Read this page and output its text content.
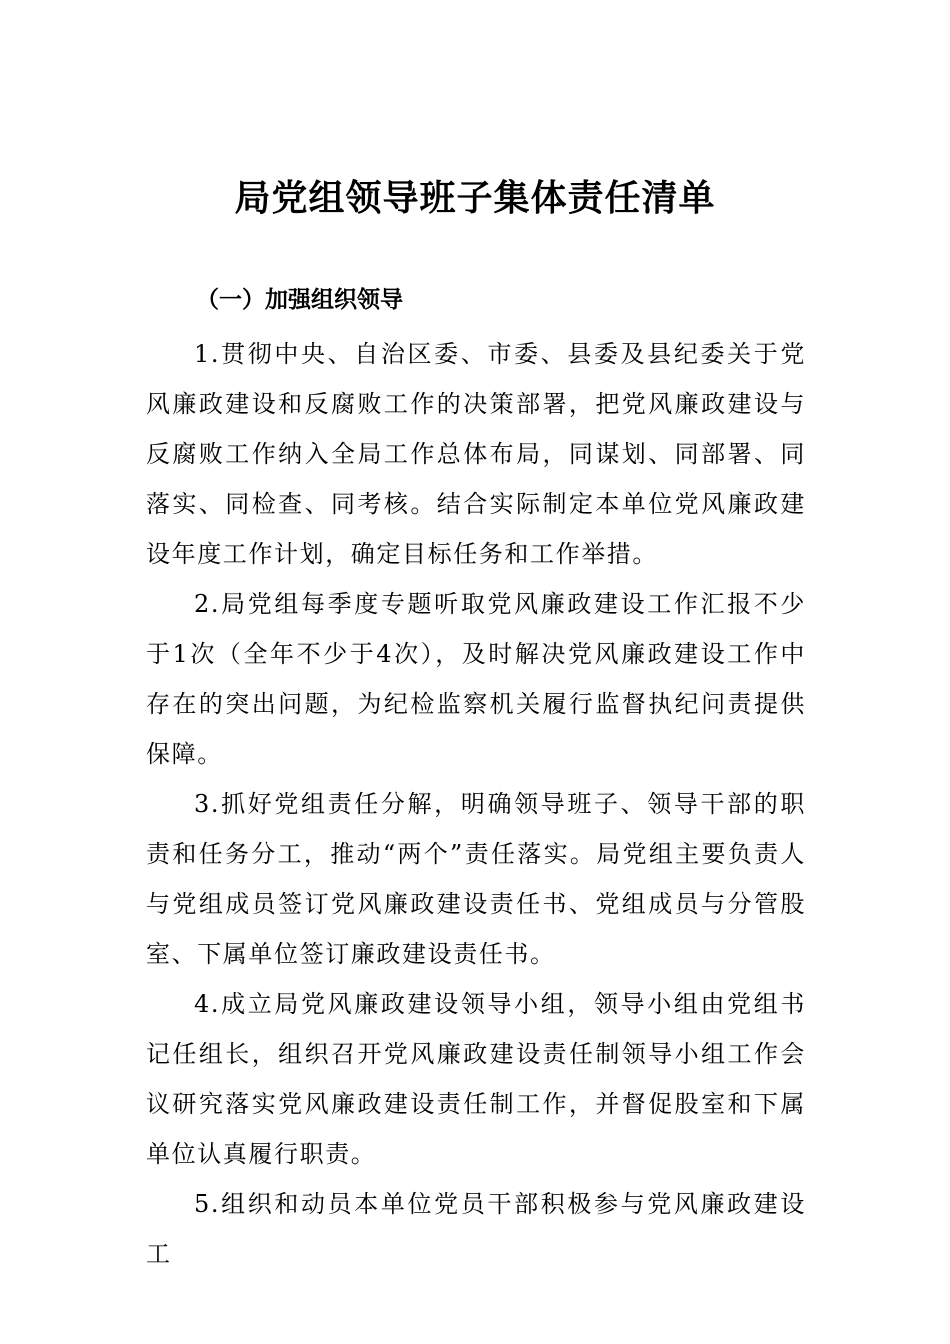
局党组领导班子集体责任清单
（一）加强组织领导

1.贯彻中央、自治区委、市委、县委及县纪委关于党风廉政建设和反腐败工作的决策部署，把党风廉政建设与反腐败工作纳入全局工作总体布局，同谋划、同部署、同落实、同检查、同考核。结合实际制定本单位党风廉政建设年度工作计划，确定目标任务和工作举措。

2.局党组每季度专题听取党风廉政建设工作汇报不少于1次（全年不少于4次），及时解决党风廉政建设工作中存在的突出问题，为纪检监察机关履行监督执纪问责提供保障。

3.抓好党组责任分解，明确领导班子、领导干部的职责和任务分工，推动“两个”责任落实。局党组主要负责人与党组成员签订党风廉政建设责任书、党组成员与分管股室、下属单位签订廉政建设责任书。

4.成立局党风廉政建设领导小组，领导小组由党组书记任组长，组织召开党风廉政建设责任制领导小组工作会议研究落实党风廉政建设责任制工作，并督促股室和下属单位认真履行职责。

5.组织和动员本单位党员干部积极参与党风廉政建设工
